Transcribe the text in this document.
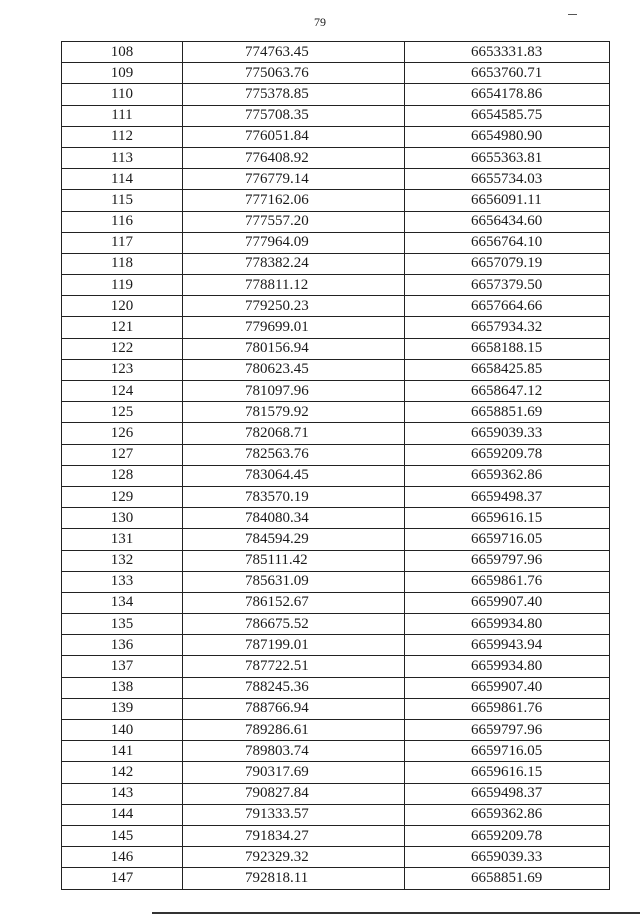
79
108	774763.45	6653331.83
109	775063.76	6653760.71
110	775378.85	6654178.86
111	775708.35	6654585.75
112	776051.84	6654980.90
113	776408.92	6655363.81
114	776779.14	6655734.03
115	777162.06	6656091.11
116	777557.20	6656434.60
117	777964.09	6656764.10
118	778382.24	6657079.19
119	778811.12	6657379.50
120	779250.23	6657664.66
121	779699.01	6657934.32
122	780156.94	6658188.15
123	780623.45	6658425.85
124	781097.96	6658647.12
125	781579.92	6658851.69
126	782068.71	6659039.33
127	782563.76	6659209.78
128	783064.45	6659362.86
129	783570.19	6659498.37
130	784080.34	6659616.15
131	784594.29	6659716.05
132	785111.42	6659797.96
133	785631.09	6659861.76
134	786152.67	6659907.40
135	786675.52	6659934.80
136	787199.01	6659943.94
137	787722.51	6659934.80
138	788245.36	6659907.40
139	788766.94	6659861.76
140	789286.61	6659797.96
141	789803.74	6659716.05
142	790317.69	6659616.15
143	790827.84	6659498.37
144	791333.57	6659362.86
145	791834.27	6659209.78
146	792329.32	6659039.33
147	792818.11	6658851.69
